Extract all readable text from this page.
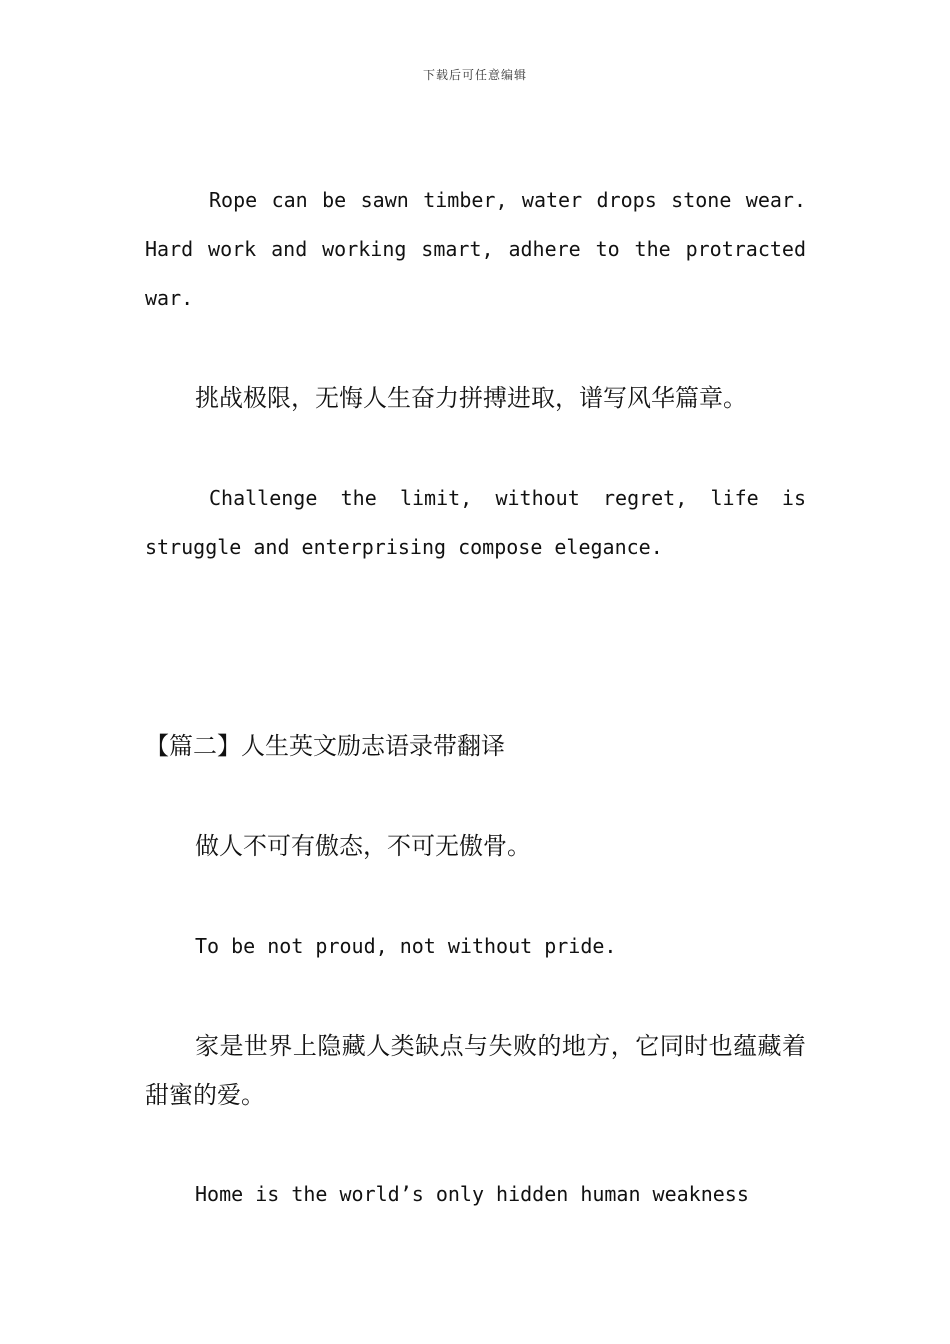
下载后可任意编辑

Rope can be sawn timber, water drops stone wear. Hard work and working smart, adhere to the protracted war.

挑战极限，无悔人生奋力拼搏进取，谱写风华篇章。

Challenge the limit, without regret, life is struggle and enterprising compose elegance.

【篇二】人生英文励志语录带翻译

做人不可有傲态，不可无傲骨。

To be not proud, not without pride.

家是世界上隐藏人类缺点与失败的地方，它同时也蕴藏着甜蜜的爱。

Home is the world’s only hidden human weakness
